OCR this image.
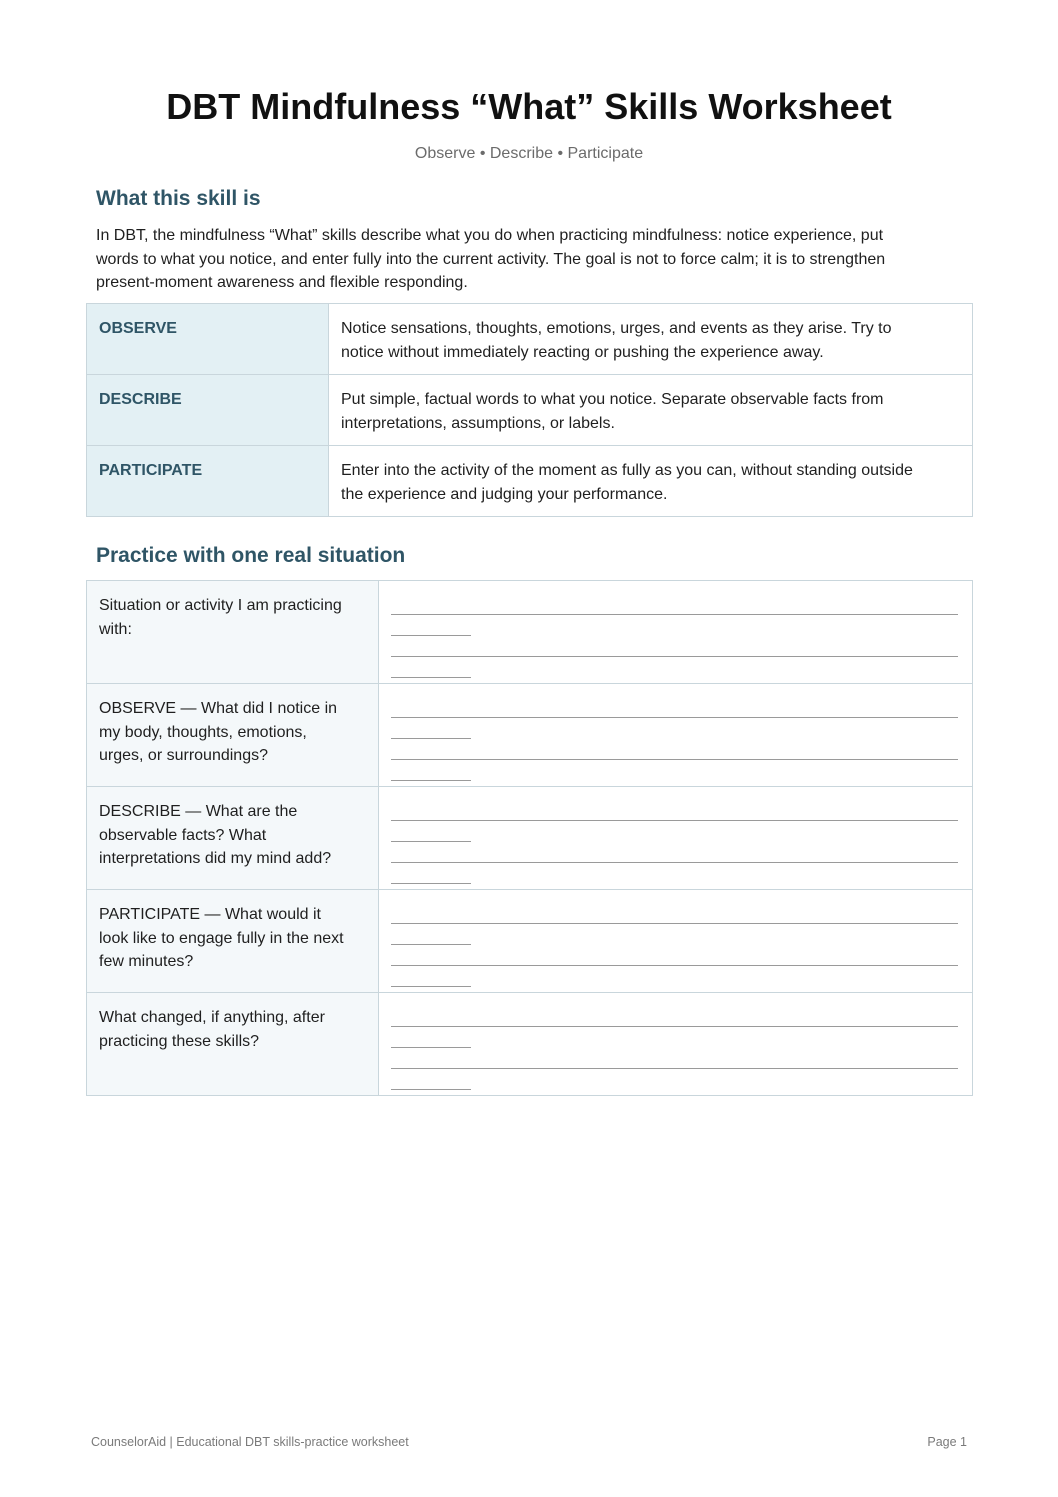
DBT Mindfulness “What” Skills Worksheet
Observe • Describe • Participate
What this skill is

In DBT, the mindfulness “What” skills describe what you do when practicing mindfulness: notice experience, put
words to what you notice, and enter fully into the current activity. The goal is not to force calm; it is to strengthen
present-moment awareness and flexible responding.

OBSERVE	Notice sensations, thoughts, emotions, urges, and events as they arise. Try to
notice without immediately reacting or pushing the experience away.
DESCRIBE	Put simple, factual words to what you notice. Separate observable facts from
interpretations, assumptions, or labels.
PARTICIPATE	Enter into the activity of the moment as fully as you can, without standing outside
the experience and judging your performance.
Practice with one real situation
Situation or activity I am practicing
with:	

OBSERVE — What did I notice in
my body, thoughts, emotions,
urges, or surroundings?	

DESCRIBE — What are the
observable facts? What
interpretations did my mind add?	

PARTICIPATE — What would it
look like to engage fully in the next
few minutes?	

What changed, if anything, after
practicing these skills?	
CounselorAid | Educational DBT skills-practice worksheet	Page 1
